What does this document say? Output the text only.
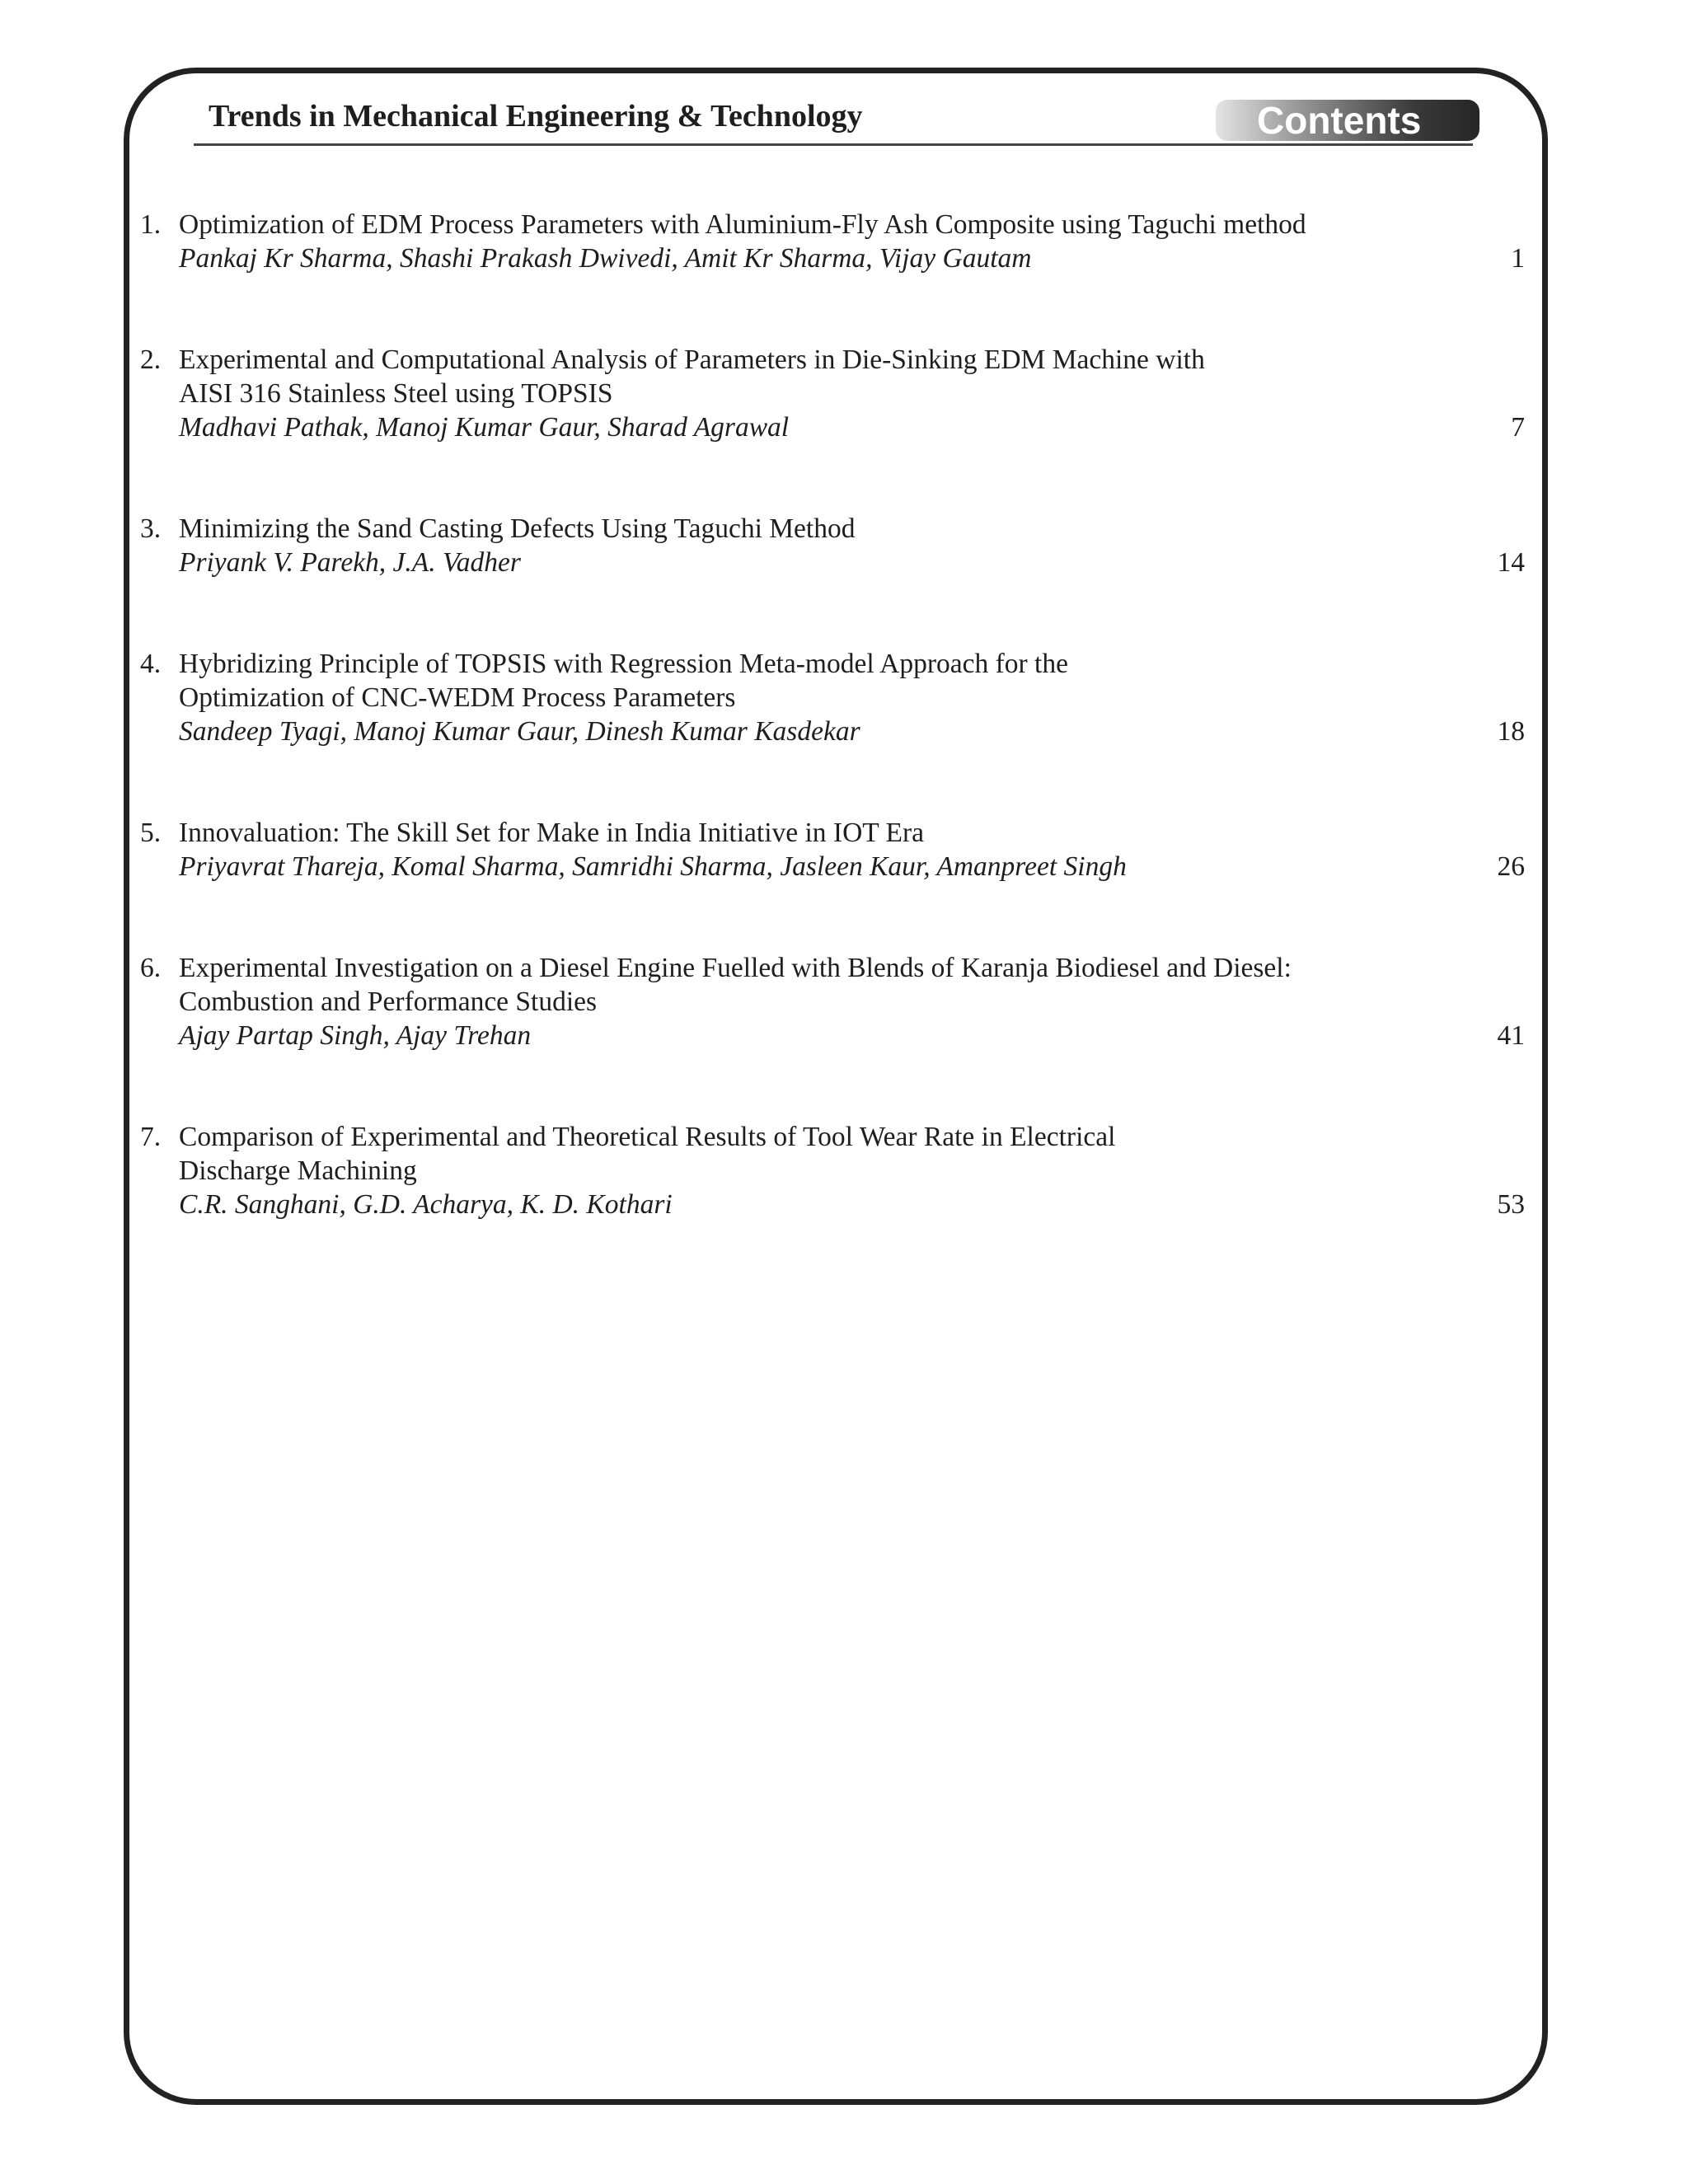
Trends in Mechanical Engineering & Technology	Contents
1. Optimization of EDM Process Parameters with Aluminium-Fly Ash Composite using Taguchi method
Pankaj Kr Sharma, Shashi Prakash Dwivedi, Amit Kr Sharma, Vijay Gautam	1
2. Experimental and Computational Analysis of Parameters in Die-Sinking EDM Machine with
AISI 316 Stainless Steel using TOPSIS
Madhavi Pathak, Manoj Kumar Gaur, Sharad Agrawal	7
3. Minimizing the Sand Casting Defects Using Taguchi Method
Priyank V. Parekh, J.A. Vadher	14
4. Hybridizing Principle of TOPSIS with Regression Meta-model Approach for the
Optimization of CNC-WEDM Process Parameters
Sandeep Tyagi, Manoj Kumar Gaur, Dinesh Kumar Kasdekar	18
5. Innovaluation: The Skill Set for Make in India Initiative in IOT Era
Priyavrat Thareja, Komal Sharma, Samridhi Sharma, Jasleen Kaur, Amanpreet Singh	26
6. Experimental Investigation on a Diesel Engine Fuelled with Blends of Karanja Biodiesel and Diesel:
Combustion and Performance Studies
Ajay Partap Singh, Ajay Trehan	41
7. Comparison of Experimental and Theoretical Results of Tool Wear Rate in Electrical
Discharge Machining
C.R. Sanghani, G.D. Acharya, K. D. Kothari	53
